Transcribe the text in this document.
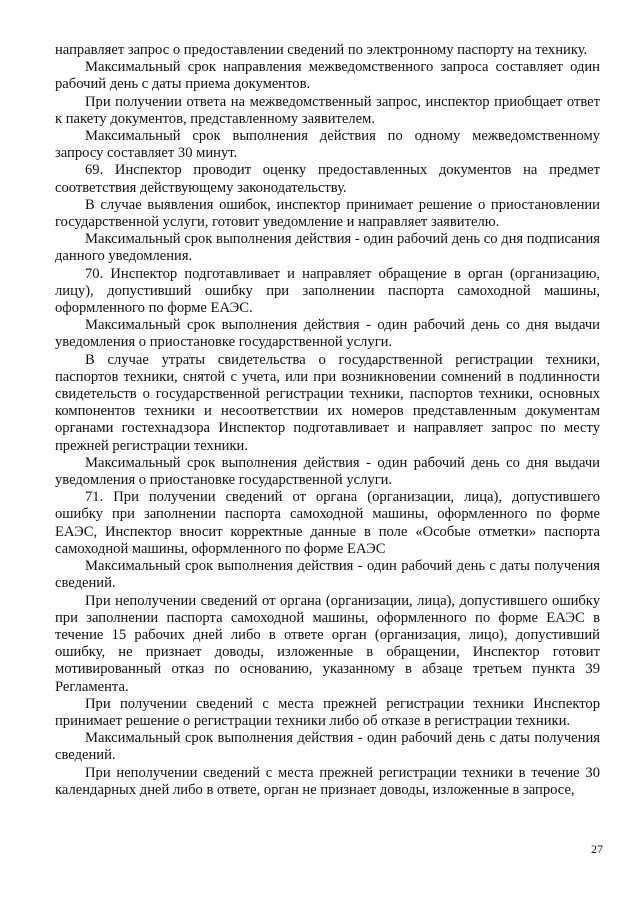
направляет запрос о предоставлении сведений по электронному паспорту на технику.

Максимальный срок направления межведомственного запроса составляет один рабочий день с даты приема документов.

При получении ответа на межведомственный запрос, инспектор приобщает ответ к пакету документов, представленному заявителем.

Максимальный срок выполнения действия по одному межведомственному запросу составляет 30 минут.

69. Инспектор проводит оценку предоставленных документов на предмет соответствия действующему законодательству.

В случае выявления ошибок, инспектор принимает решение о приостановлении государственной услуги, готовит уведомление и направляет заявителю.

Максимальный срок выполнения действия - один рабочий день со дня подписания данного уведомления.

70. Инспектор подготавливает и направляет обращение в орган (организацию, лицу), допустивший ошибку при заполнении паспорта самоходной машины, оформленного по форме ЕАЭС.

Максимальный срок выполнения действия - один рабочий день со дня выдачи уведомления о приостановке государственной услуги.

В случае утраты свидетельства о государственной регистрации техники, паспортов техники, снятой с учета, или при возникновении сомнений в подлинности свидетельств о государственной регистрации техники, паспортов техники, основных компонентов техники и несоответствии их номеров представленным документам органами гостехнадзора Инспектор подготавливает и направляет запрос по месту прежней регистрации техники.

Максимальный срок выполнения действия - один рабочий день со дня выдачи уведомления о приостановке государственной услуги.

71. При получении сведений от органа (организации, лица), допустившего ошибку при заполнении паспорта самоходной машины, оформленного по форме ЕАЭС, Инспектор вносит корректные данные в поле «Особые отметки» паспорта самоходной машины, оформленного по форме ЕАЭС

Максимальный срок выполнения действия - один рабочий день с даты получения сведений.

При неполучении сведений от органа (организации, лица), допустившего ошибку при заполнении паспорта самоходной машины, оформленного по форме ЕАЭС в течение 15 рабочих дней либо в ответе орган (организация, лицо), допустивший ошибку, не признает доводы, изложенные в обращении, Инспектор готовит мотивированный отказ по основанию, указанному в абзаце третьем пункта 39 Регламента.

При получении сведений с места прежней регистрации техники Инспектор принимает решение о регистрации техники либо об отказе в регистрации техники.

Максимальный срок выполнения действия - один рабочий день с даты получения сведений.

При неполучении сведений с места прежней регистрации техники в течение 30 календарных дней либо в ответе, орган не признает доводы, изложенные в запросе,

27
